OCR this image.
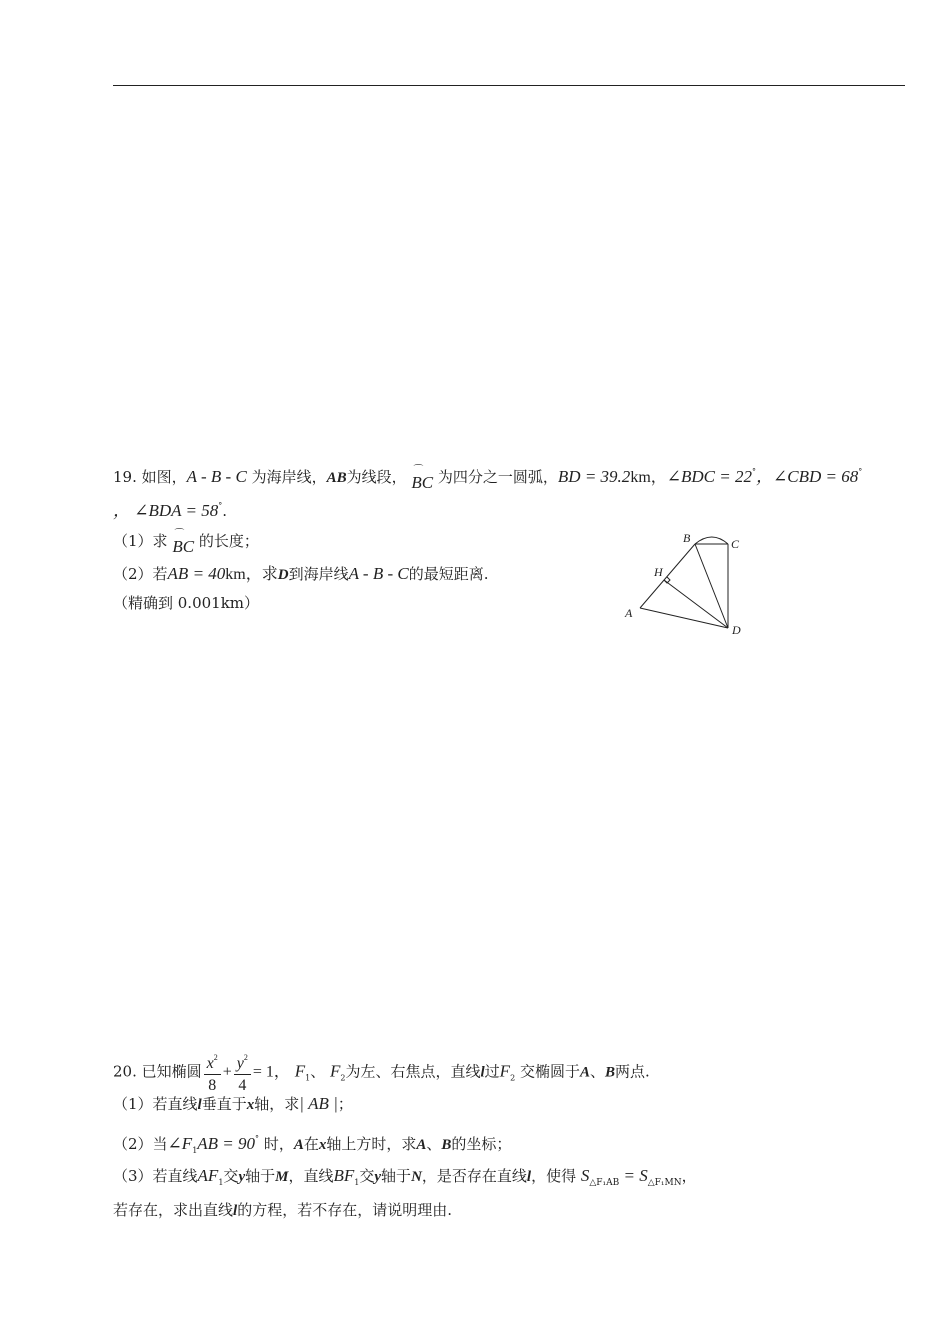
19. 如图，A - B - C 为海岸线，AB为线段， ⌒
BC 为四分之一圆弧，BD = 39.2km，∠BDC = 22°，∠CBD = 68°
， ∠BDA = 58°.
（1）求 ⌒
BC 的长度；
（2）若AB = 40km，求D到海岸线A - B - C的最短距离.
（精确到 0.001km）
B	C
H
A
D
20. 已知椭圆 $\frac{x^2}{8} + \frac{y^2}{4} = 1$， $F_1$、 $F_2$为左、右焦点，直线l过$F_2$ 交椭圆于A、B两点.
（1）若直线l垂直于x轴，求| AB |；
（2）当$\angle F_1AB = 90^\circ$ 时，A在x轴上方时，求A、B的坐标；
（3）若直线$AF_1$交y轴于M，直线$BF_1$交y轴于N，是否存在直线l，使得 $S_{\triangle F_1AB} = S_{\triangle F_1MN}$，
若存在，求出直线l的方程，若不存在，请说明理由.
